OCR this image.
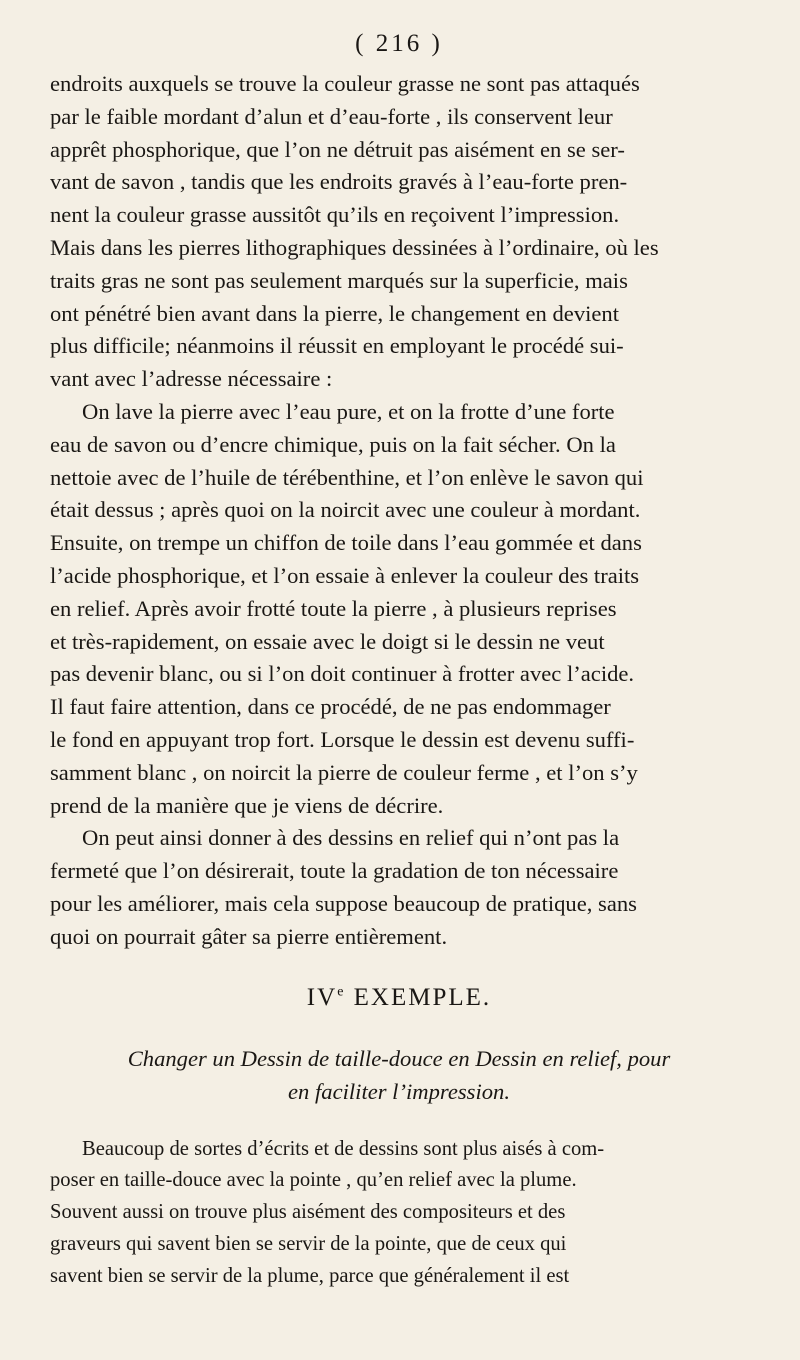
( 216 )

endroits auxquels se trouve la couleur grasse ne sont pas attaqués
par le faible mordant d’alun et d’eau-forte , ils conservent leur
apprêt phosphorique, que l’on ne détruit pas aisément en se ser-
vant de savon , tandis que les endroits gravés à l’eau-forte pren-
nent la couleur grasse aussitôt qu’ils en reçoivent l’impression.
Mais dans les pierres lithographiques dessinées à l’ordinaire, où les
traits gras ne sont pas seulement marqués sur la superficie, mais
ont pénétré bien avant dans la pierre, le changement en devient
plus difficile; néanmoins il réussit en employant le procédé sui-
vant avec l’adresse nécessaire :

On lave la pierre avec l’eau pure, et on la frotte d’une forte
eau de savon ou d’encre chimique, puis on la fait sécher. On la
nettoie avec de l’huile de térébenthine, et l’on enlève le savon qui
était dessus ; après quoi on la noircit avec une couleur à mordant.
Ensuite, on trempe un chiffon de toile dans l’eau gommée et dans
l’acide phosphorique, et l’on essaie à enlever la couleur des traits
en relief. Après avoir frotté toute la pierre , à plusieurs reprises
et très-rapidement, on essaie avec le doigt si le dessin ne veut
pas devenir blanc, ou si l’on doit continuer à frotter avec l’acide.
Il faut faire attention, dans ce procédé, de ne pas endommager
le fond en appuyant trop fort. Lorsque le dessin est devenu suffi-
samment blanc , on noircit la pierre de couleur ferme , et l’on s’y
prend de la manière que je viens de décrire.

On peut ainsi donner à des dessins en relief qui n’ont pas la
fermeté que l’on désirerait, toute la gradation de ton nécessaire
pour les améliorer, mais cela suppose beaucoup de pratique, sans
quoi on pourrait gâter sa pierre entièrement.

IVe EXEMPLE.
Changer un Dessin de taille-douce en Dessin en relief, pour
en faciliter l’impression.

Beaucoup de sortes d’écrits et de dessins sont plus aisés à com-
poser en taille-douce avec la pointe , qu’en relief avec la plume.
Souvent aussi on trouve plus aisément des compositeurs et des
graveurs qui savent bien se servir de la pointe, que de ceux qui
savent bien se servir de la plume, parce que généralement il est
